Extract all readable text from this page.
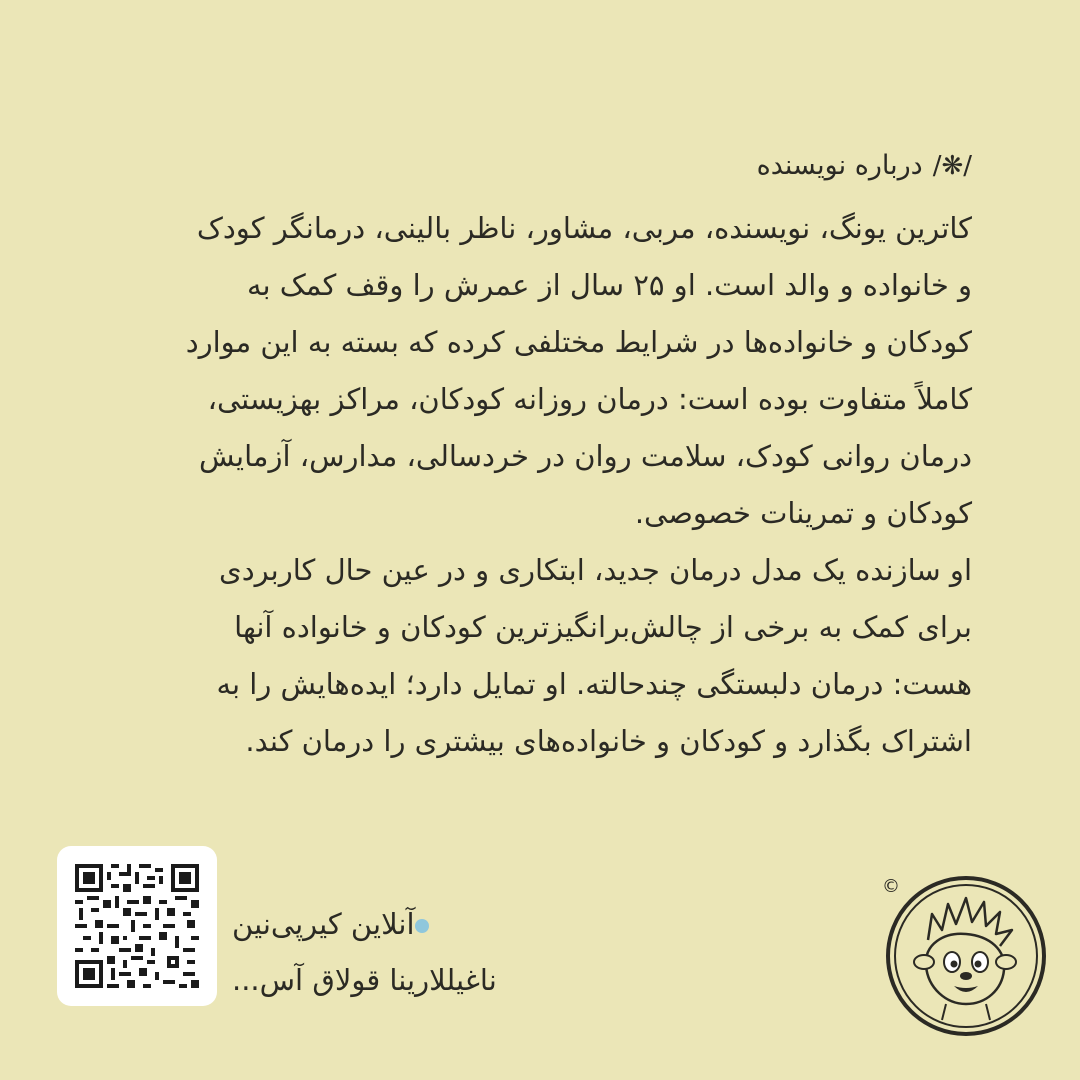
/❋/درباره نویسنده
کاترین یونگ، نویسنده، مربی، مشاور، ناظر بالینی، درمانگر کودک
و خانواده و والد است. او ۲۵ سال از عمرش را وقف کمک به
کودکان و خانواده‌ها در شرایط مختلفی کرده که بسته به این موارد
کاملاً متفاوت بوده است: درمان روزانه کودکان، مراکز بهزیستی،
درمان روانی کودک، سلامت روان در خردسالی، مدارس، آزمایش
کودکان و تمرینات خصوصی.
او سازنده یک مدل درمان جدید، ابتکاری و در عین حال کاربردی
برای کمک به برخی از چالش‌برانگیزترین کودکان و خانواده آنها
هست: درمان دلبستگی چندحالته. او تمایل دارد؛ ایده‌هایش را به
اشتراک بگذارد و کودکان و خانواده‌های بیشتری را درمان کند.
آنلاین کیرپی‌نین
ناغیللارینا قولاق آس...
©
